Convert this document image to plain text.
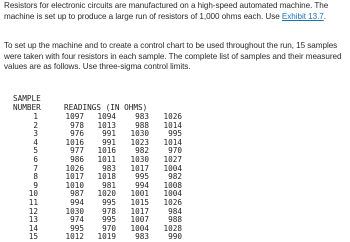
Resistors for electronic circuits are manufactured on a high-speed automated machine. The machine is set up to produce a large run of resistors of 1,000 ohms each. Use Exhibit 13.7.

To set up the machine and to create a control chart to be used throughout the run, 15 samples were taken with four resistors in each sample. The complete list of samples and their measured values are as follows. Use three-sigma control limits.

SAMPLE
NUMBER	READINGS (IN OHMS)
1	1097	1094	983	1026
2	978	1013	988	1014
3	976	991	1030	995
4	1016	991	1023	1014
5	977	1016	982	970
6	986	1011	1030	1027
7	1026	983	1017	1004
8	1017	1018	995	982
9	1010	981	994	1008
10	987	1020	1001	1004
11	994	995	1015	1026
12	1030	978	1017	984
13	974	995	1007	988
14	995	970	1004	1028
15	1012	1019	983	990
